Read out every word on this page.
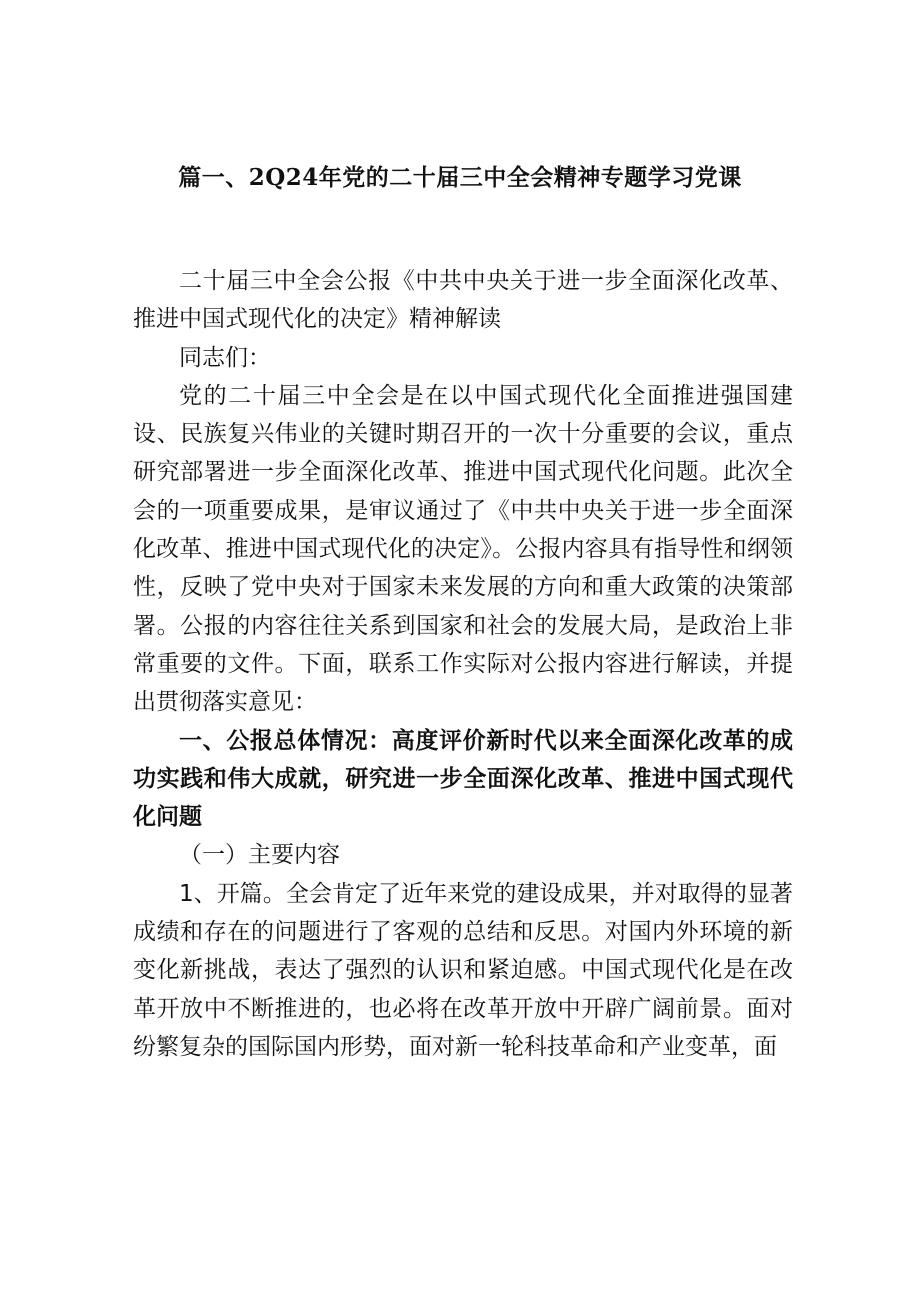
篇一、2Q24年党的二十届三中全会精神专题学习党课

二十届三中全会公报《中共中央关于进一步全面深化改革、推进中国式现代化的决定》精神解读

同志们：

党的二十届三中全会是在以中国式现代化全面推进强国建设、民族复兴伟业的关键时期召开的一次十分重要的会议，重点研究部署进一步全面深化改革、推进中国式现代化问题。此次全会的一项重要成果，是审议通过了《中共中央关于进一步全面深化改革、推进中国式现代化的决定》。公报内容具有指导性和纲领性，反映了党中央对于国家未来发展的方向和重大政策的决策部署。公报的内容往往关系到国家和社会的发展大局，是政治上非常重要的文件。下面，联系工作实际对公报内容进行解读，并提出贯彻落实意见：

一、公报总体情况：高度评价新时代以来全面深化改革的成功实践和伟大成就，研究进一步全面深化改革、推进中国式现代化问题

（一）主要内容

1、开篇。全会肯定了近年来党的建设成果，并对取得的显著成绩和存在的问题进行了客观的总结和反思。对国内外环境的新变化新挑战，表达了强烈的认识和紧迫感。中国式现代化是在改革开放中不断推进的，也必将在改革开放中开辟广阔前景。面对纷繁复杂的国际国内形势，面对新一轮科技革命和产业变革，面
